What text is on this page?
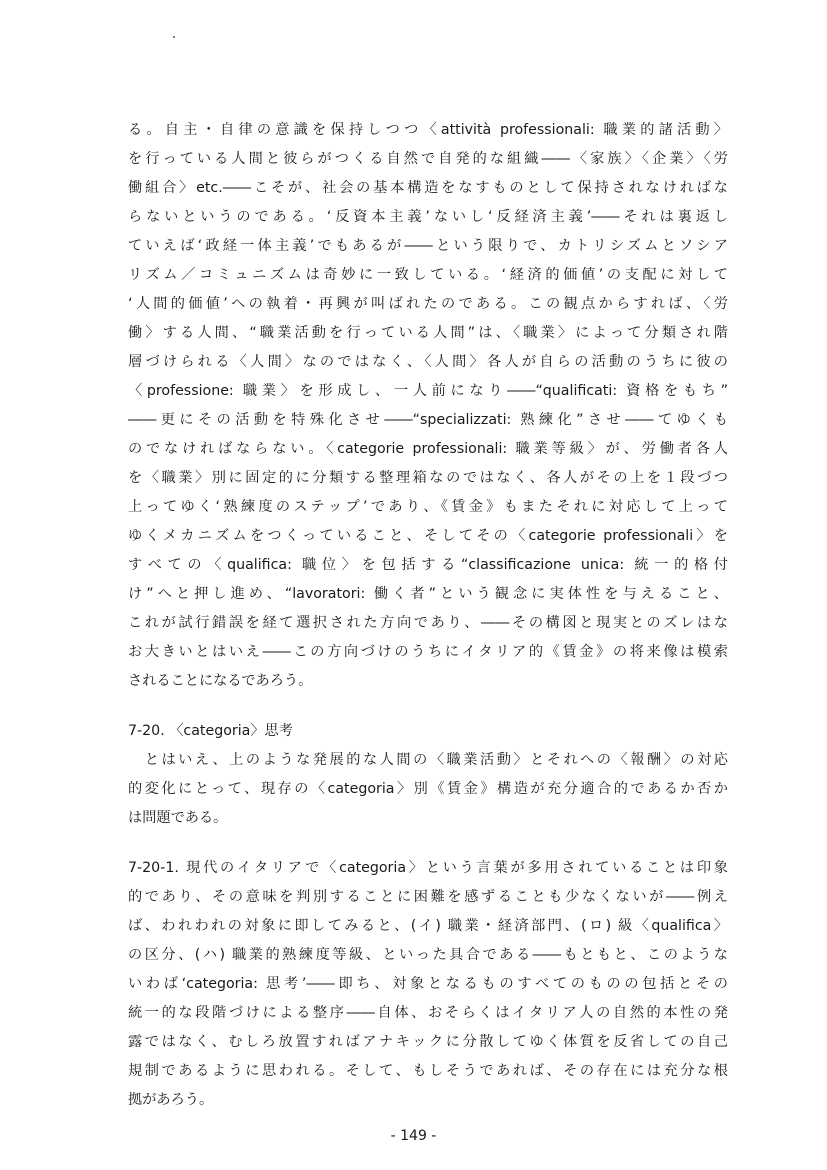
る。自主・自律の意識を保持しつつ〈attività professionali: 職業的諸活動〉
を行っている人間と彼らがつくる自然で自発的な組織――〈家族〉〈企業〉〈労
働組合〉etc.――こそが、社会の基本構造をなすものとして保持されなければな
らないというのである。‘反資本主義’ないし‘反経済主義’――それは裏返し
ていえば‘政経一体主義’でもあるが――という限りで、カトリシズムとソシア
リズム／コミュニズムは奇妙に一致している。‘経済的価値’の支配に対して
‘人間的価値’への執着・再興が叫ばれたのである。この観点からすれば、〈労
働〉する人間、“職業活動を行っている人間”は、〈職業〉によって分類され階
層づけられる〈人間〉なのではなく、〈人間〉各人が自らの活動のうちに彼の
〈professione: 職業〉を形成し、一人前になり――“qualificati: 資格をもち”
――更にその活動を特殊化させ――“specializzati: 熟練化”させ――てゆくも
のでなければならない。〈categorie professionali: 職業等級〉が、労働者各人
を〈職業〉別に固定的に分類する整理箱なのではなく、各人がその上を１段づつ
上ってゆく‘熟練度のステップ’であり、《賃金》もまたそれに対応して上って
ゆくメカニズムをつくっていること、そしてその〈categorie professionali〉を
すべての〈qualifica: 職位〉を包括する“classificazione unica: 統一的格付
け”へと押し進め、“lavoratori: 働く者”という観念に実体性を与えること、
これが試行錯誤を経て選択された方向であり、――その構図と現実とのズレはな
お大きいとはいえ――この方向づけのうちにイタリア的《賃金》の将来像は模索
されることになるであろう。
7-20. 〈categoria〉思考
　とはいえ、上のような発展的な人間の〈職業活動〉とそれへの〈報酬〉の対応
的変化にとって、現存の〈categoria〉別《賃金》構造が充分適合的であるか否か
は問題である。
7-20-1. 現代のイタリアで〈categoria〉という言葉が多用されていることは印象
的であり、その意味を判別することに困難を感ずることも少なくないが――例え
ば、われわれの対象に即してみると、(イ) 職業・経済部門、(ロ) 級〈qualifica〉
の区分、(ハ) 職業的熟練度等級、といった具合である――もともと、このような
いわば‘categoria: 思考’――即ち、対象となるものすべてのものの包括とその
統一的な段階づけによる整序――自体、おそらくはイタリア人の自然的本性の発
露ではなく、むしろ放置すればアナキックに分散してゆく体質を反省しての自己
規制であるように思われる。そして、もしそうであれば、その存在には充分な根
拠があろう。
- 149 -
